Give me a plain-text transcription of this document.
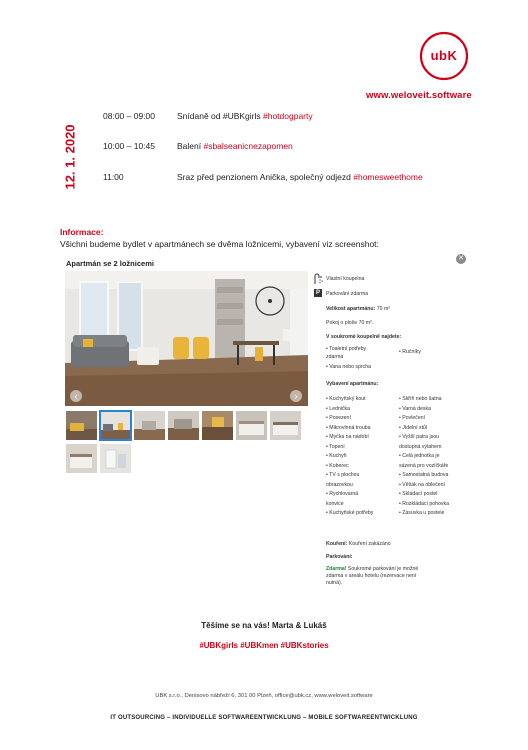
ubK
www.weloveit.software
12. 1. 2020
08:00 – 09:00	Snídaně od #UBKgirls #hotdogparty
10:00 – 10:45	Balení #sbalseanicnezapomen
11:00	Sraz před penzionem Anička, společný odjezd #homesweethome
Informace:
Všichni budeme bydlet v apartmánech se dvěma ložnicemi, vybavení viz screenshot:
Apartmán se 2 ložnicemi
✕
‹	›
Vlastní koupelna
P	Parkování zdarma
Velikost apartmánu: 70 m²
Pokoj o ploše 70 m².
V soukromé koupelně najdete:
• Toaletní potřeby
zdarma
• Vana nebo sprcha
• Ručníky
Vybavení apartmánu:
• Kuchyňský kout
• Lednička
• Posezení
• Mikrovlnná trouba
• Myčka na nádobí
• Topení
• Kuchyň
• Koberec
• TV s plochou
obrazovkou
• Rychlovarná
konvice
• Kuchyňské potřeby
• Skříň nebo šatna
• Varná deska
• Povlečení
• Jídelní stůl
• Vyšší patra jsou
dostupná výtahem
• Celá jednotka je
sázená pro vozíčkáře
• Samostatná budova
• Věšák na oblečení
• Skládací postel
• Rozkládací pohovka
• Zásuvka u postele
Kouření: Kouření zakázáno
Parkování:
Zdarma! Soukromé parkování je možné
zdarma v areálu hotelu (rezervace není
nutná).
Těšíme se na vás! Marta & Lukáš
#UBKgirls #UBKmen #UBKstories
UBK s.r.o., Denisovo nábřeží 6, 301 00 Plzeň, office@ubk.cz, www.weloveit.software
IT OUTSOURCING – INDIVIDUELLE SOFTWAREENTWICKLUNG – MOBILE SOFTWAREENTWICKLUNG
